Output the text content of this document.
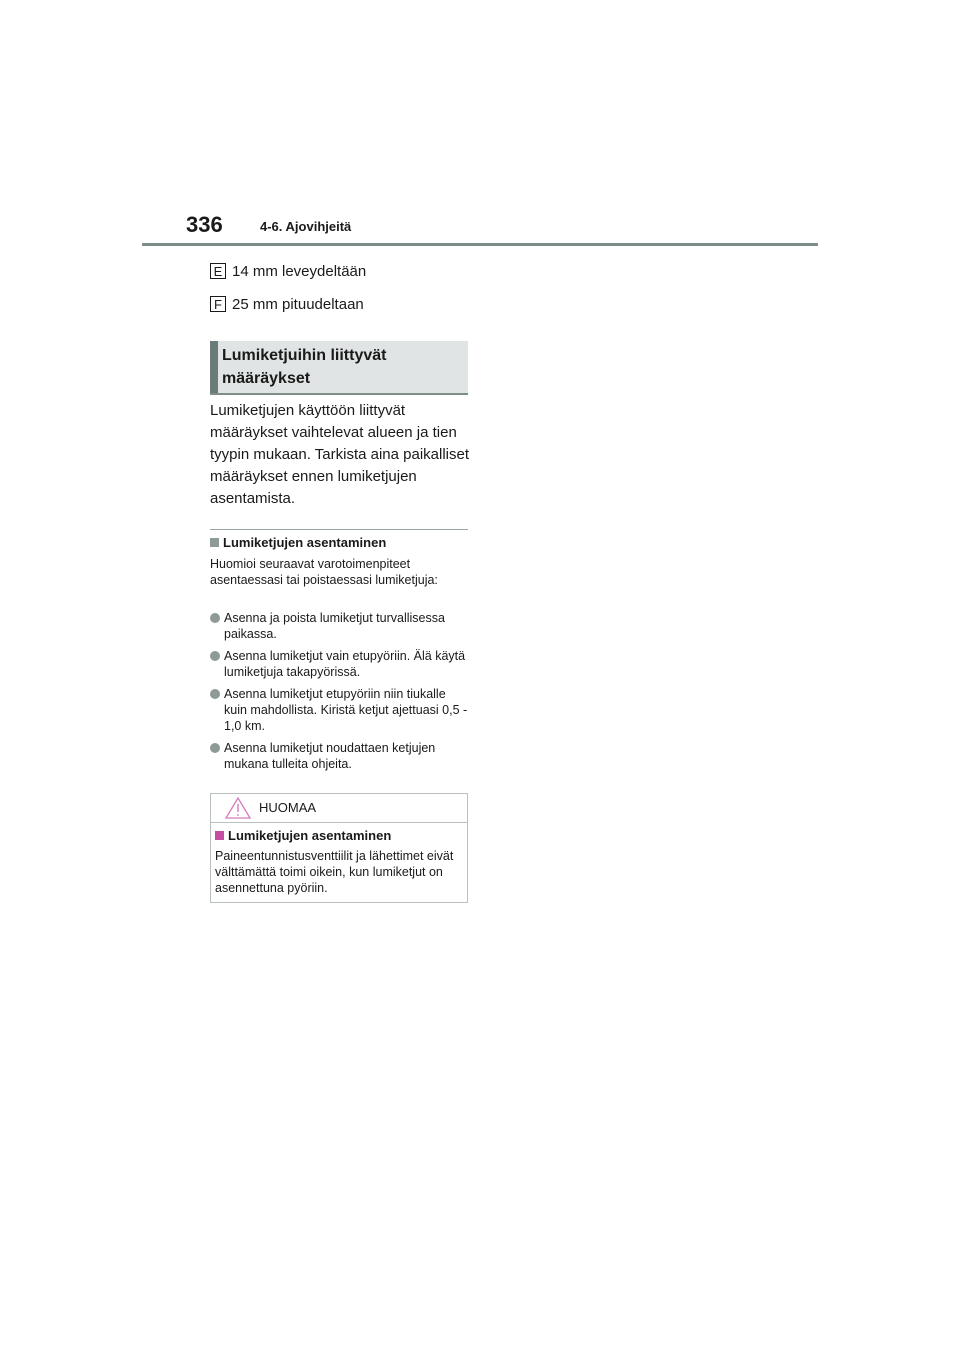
336	4-6. Ajovihjeitä
E 14 mm leveydeltään
F 25 mm pituudeltaan
Lumiketjuihin liittyvät määräykset
Lumiketjujen käyttöön liittyvät määräykset vaihtelevat alueen ja tien tyypin mukaan. Tarkista aina paikalliset määräykset ennen lumiketjujen asentamista.
Lumiketjujen asentaminen
Huomioi seuraavat varotoimenpiteet asentaessasi tai poistaessasi lumiketjuja:
Asenna ja poista lumiketjut turvallisessa paikassa.
Asenna lumiketjut vain etupyöriin. Älä käytä lumiketjuja takapyörissä.
Asenna lumiketjut etupyöriin niin tiukalle kuin mahdollista. Kiristä ketjut ajettuasi 0,5 - 1,0 km.
Asenna lumiketjut noudattaen ketjujen mukana tulleita ohjeita.
HUOMAA
Lumiketjujen asentaminen
Paineentunnistusventtiilit ja lähettimet eivät välttämättä toimi oikein, kun lumiketjut on asennettuna pyöriin.
